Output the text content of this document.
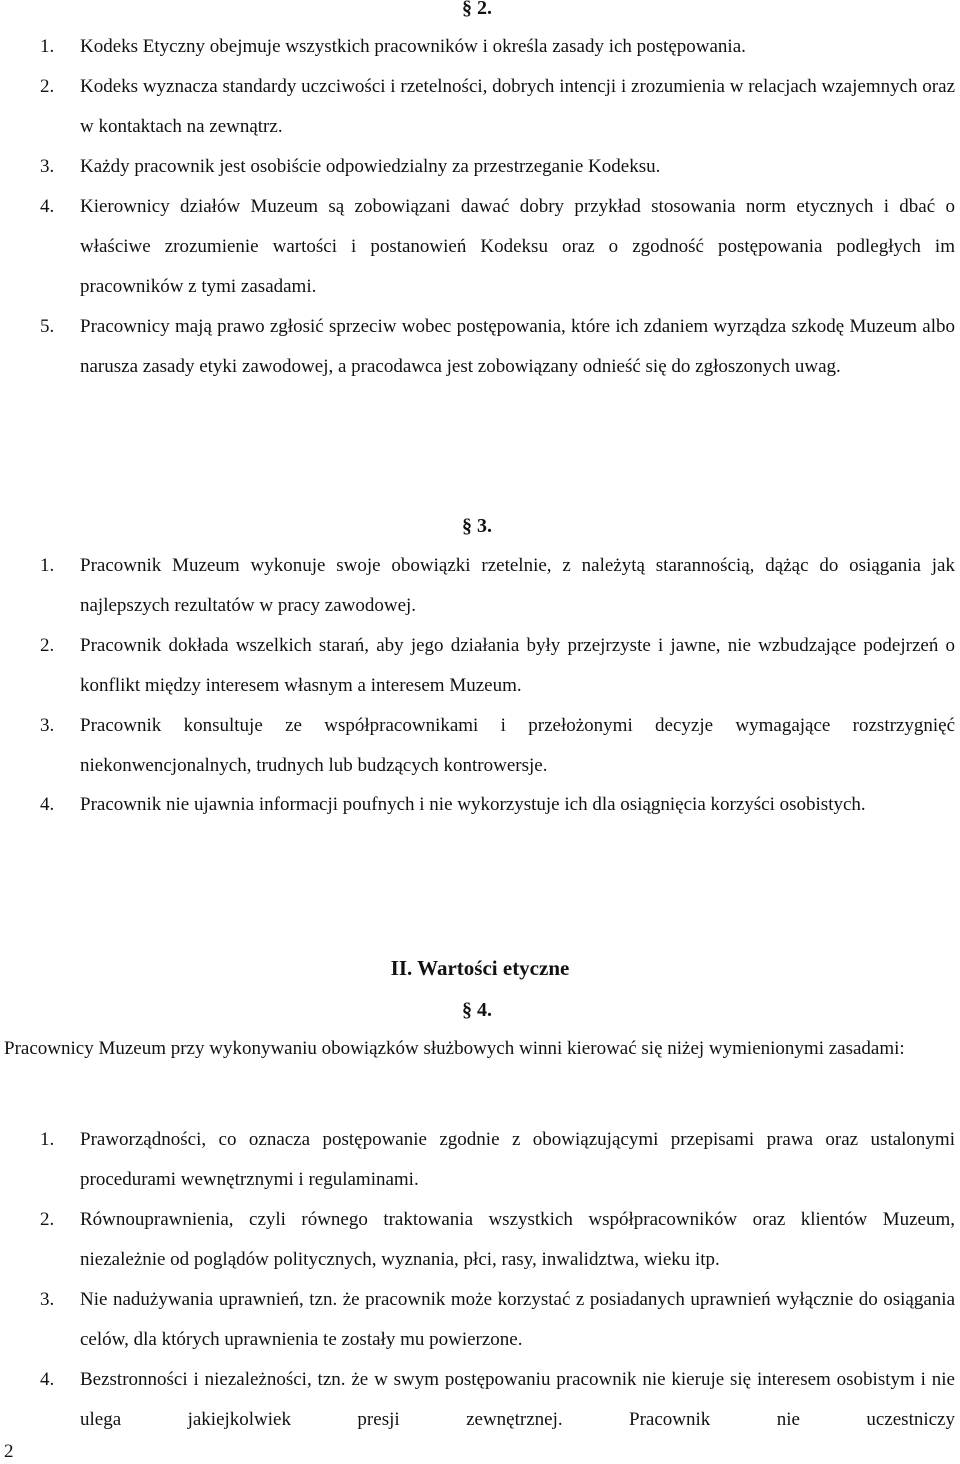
§ 2.
1.	Kodeks Etyczny obejmuje wszystkich pracowników i określa zasady ich postępowania.
2.	Kodeks wyznacza standardy uczciwości i rzetelności, dobrych intencji i zrozumienia w relacjach wzajemnych oraz w kontaktach na zewnątrz.
3.	Każdy pracownik jest osobiście odpowiedzialny za przestrzeganie Kodeksu.
4.	Kierownicy działów Muzeum są zobowiązani dawać dobry przykład stosowania norm etycznych i dbać o właściwe zrozumienie wartości i postanowień Kodeksu oraz o zgodność postępowania podległych im pracowników z tymi zasadami.
5.	Pracownicy mają prawo zgłosić sprzeciw wobec postępowania, które ich zdaniem wyrządza szkodę Muzeum albo narusza zasady etyki zawodowej, a pracodawca jest zobowiązany odnieść się do zgłoszonych uwag.
§ 3.
1.	Pracownik Muzeum wykonuje swoje obowiązki rzetelnie, z należytą starannością, dążąc do osiągania jak najlepszych rezultatów w pracy zawodowej.
2.	Pracownik dokłada wszelkich starań, aby jego działania były przejrzyste i jawne, nie wzbudzające podejrzeń o konflikt między interesem własnym a interesem Muzeum.
3.	Pracownik konsultuje ze współpracownikami i przełożonymi decyzje wymagające rozstrzygnięć niekonwencjonalnych, trudnych lub budzących kontrowersje.
4.	Pracownik nie ujawnia informacji poufnych i nie wykorzystuje ich dla osiągnięcia korzyści osobistych.
II. Wartości etyczne
§ 4.
Pracownicy Muzeum przy wykonywaniu obowiązków służbowych winni kierować się niżej wymienionymi zasadami:
1.	Praworządności, co oznacza postępowanie zgodnie z obowiązującymi przepisami prawa oraz ustalonymi procedurami wewnętrznymi i regulaminami.
2.	Równouprawnienia, czyli równego traktowania wszystkich współpracowników oraz klientów Muzeum, niezależnie od poglądów politycznych, wyznania, płci, rasy, inwalidztwa, wieku itp.
3.	Nie nadużywania uprawnień, tzn. że pracownik może korzystać z posiadanych uprawnień wyłącznie do osiągania celów, dla których uprawnienia te zostały mu powierzone.
4.	Bezstronności i niezależności, tzn. że w swym postępowaniu pracownik nie kieruje się interesem osobistym i nie ulega jakiejkolwiek presji zewnętrznej. Pracownik nie uczestniczy
2
